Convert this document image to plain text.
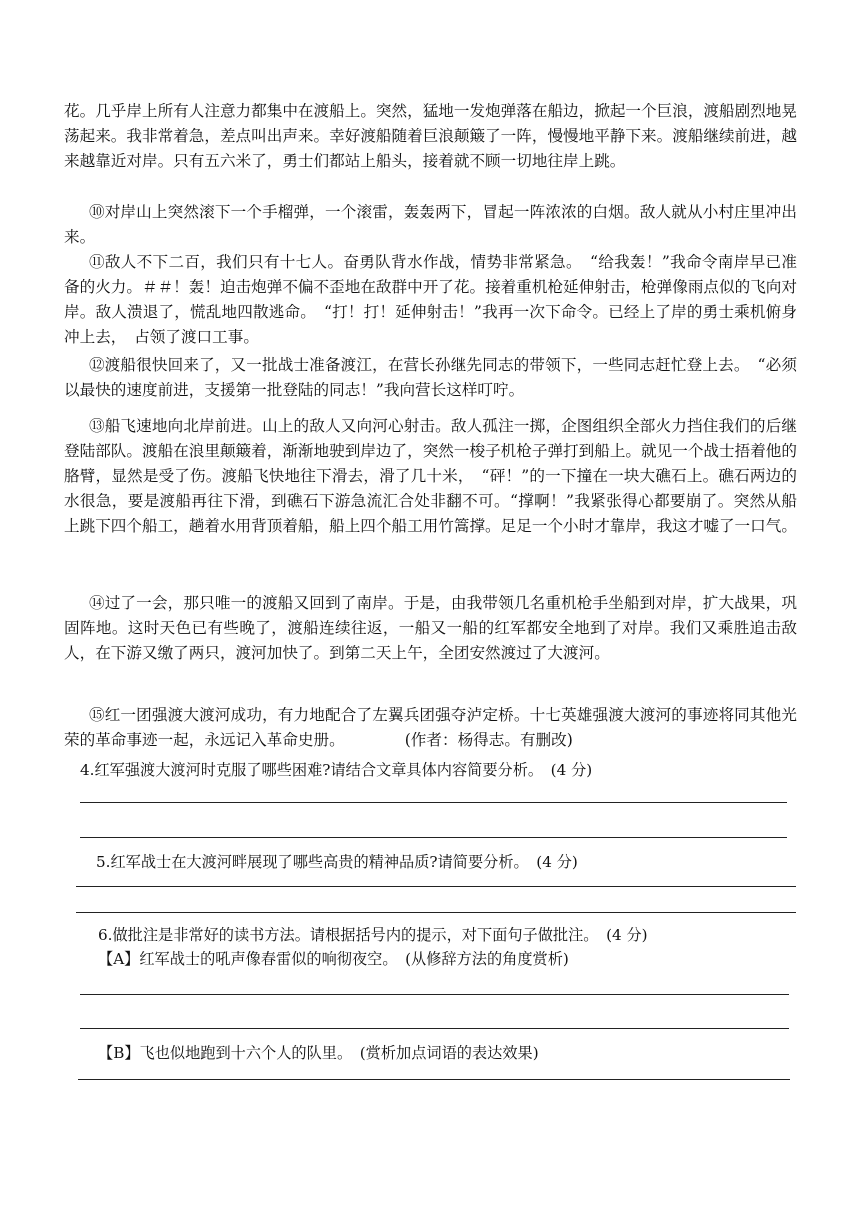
花。几乎岸上所有人注意力都集中在渡船上。突然，猛地一发炮弹落在船边，掀起一个巨浪，渡船剧烈地晃荡起来。我非常着急，差点叫出声来。幸好渡船随着巨浪颠簸了一阵，慢慢地平静下来。渡船继续前进，越来越靠近对岸。只有五六米了，勇士们都站上船头，接着就不顾一切地往岸上跳。

⑩对岸山上突然滚下一个手榴弹，一个滚雷，轰轰两下，冒起一阵浓浓的白烟。敌人就从小村庄里冲出来。

⑪敌人不下二百，我们只有十七人。奋勇队背水作战，情势非常紧急。　“给我轰！”我命令南岸早已准备的火力。＃＃！轰！迫击炮弹不偏不歪地在敌群中开了花。接着重机枪延伸射击，枪弹像雨点似的飞向对岸。敌人溃退了，慌乱地四散逃命。　“打！打！延伸射击！”我再一次下命令。已经上了岸的勇士乘机俯身冲上去，　占领了渡口工事。

⑫渡船很快回来了，又一批战士准备渡江，在营长孙继先同志的带领下，一些同志赶忙登上去。　“必须以最快的速度前进，支援第一批登陆的同志！”我向营长这样叮咛。

⑬船飞速地向北岸前进。山上的敌人又向河心射击。敌人孤注一掷，企图组织全部火力挡住我们的后继登陆部队。渡船在浪里颠簸着，渐渐地驶到岸边了，突然一梭子机枪子弹打到船上。就见一个战士捂着他的胳臂，显然是受了伤。渡船飞快地往下滑去，滑了几十米，　“砰！”的一下撞在一块大礁石上。礁石两边的水很急，要是渡船再往下滑，到礁石下游急流汇合处非翻不可。“撑啊！”我紧张得心都要崩了。突然从船上跳下四个船工，趟着水用背顶着船，船上四个船工用竹篙撑。足足一个小时才靠岸，我这才嘘了一口气。

⑭过了一会，那只唯一的渡船又回到了南岸。于是，由我带领几名重机枪手坐船到对岸，扩大战果，巩固阵地。这时天色已有些晚了，渡船连续往返，一船又一船的红军都安全地到了对岸。我们又乘胜追击敌人，在下游又缴了两只，渡河加快了。到第二天上午，全团安然渡过了大渡河。

⑮红一团强渡大渡河成功，有力地配合了左翼兵团强夺泸定桥。十七英雄强渡大渡河的事迹将同其他光荣的革命事迹一起，永远记入革命史册。	(作者：杨得志。有删改)

4.红军强渡大渡河时克服了哪些困难?请结合文章具体内容简要分析。　(4 分)

5.红军战士在大渡河畔展现了哪些高贵的精神品质?请简要分析。　(4 分)

6.做批注是非常好的读书方法。请根据括号内的提示，对下面句子做批注。　(4 分)

【A】红军战士的吼声像春雷似的响彻夜空。　(从修辞方法的角度赏析)

【B】飞也似地跑到十六个人的队里。　(赏析加点词语的表达效果)
